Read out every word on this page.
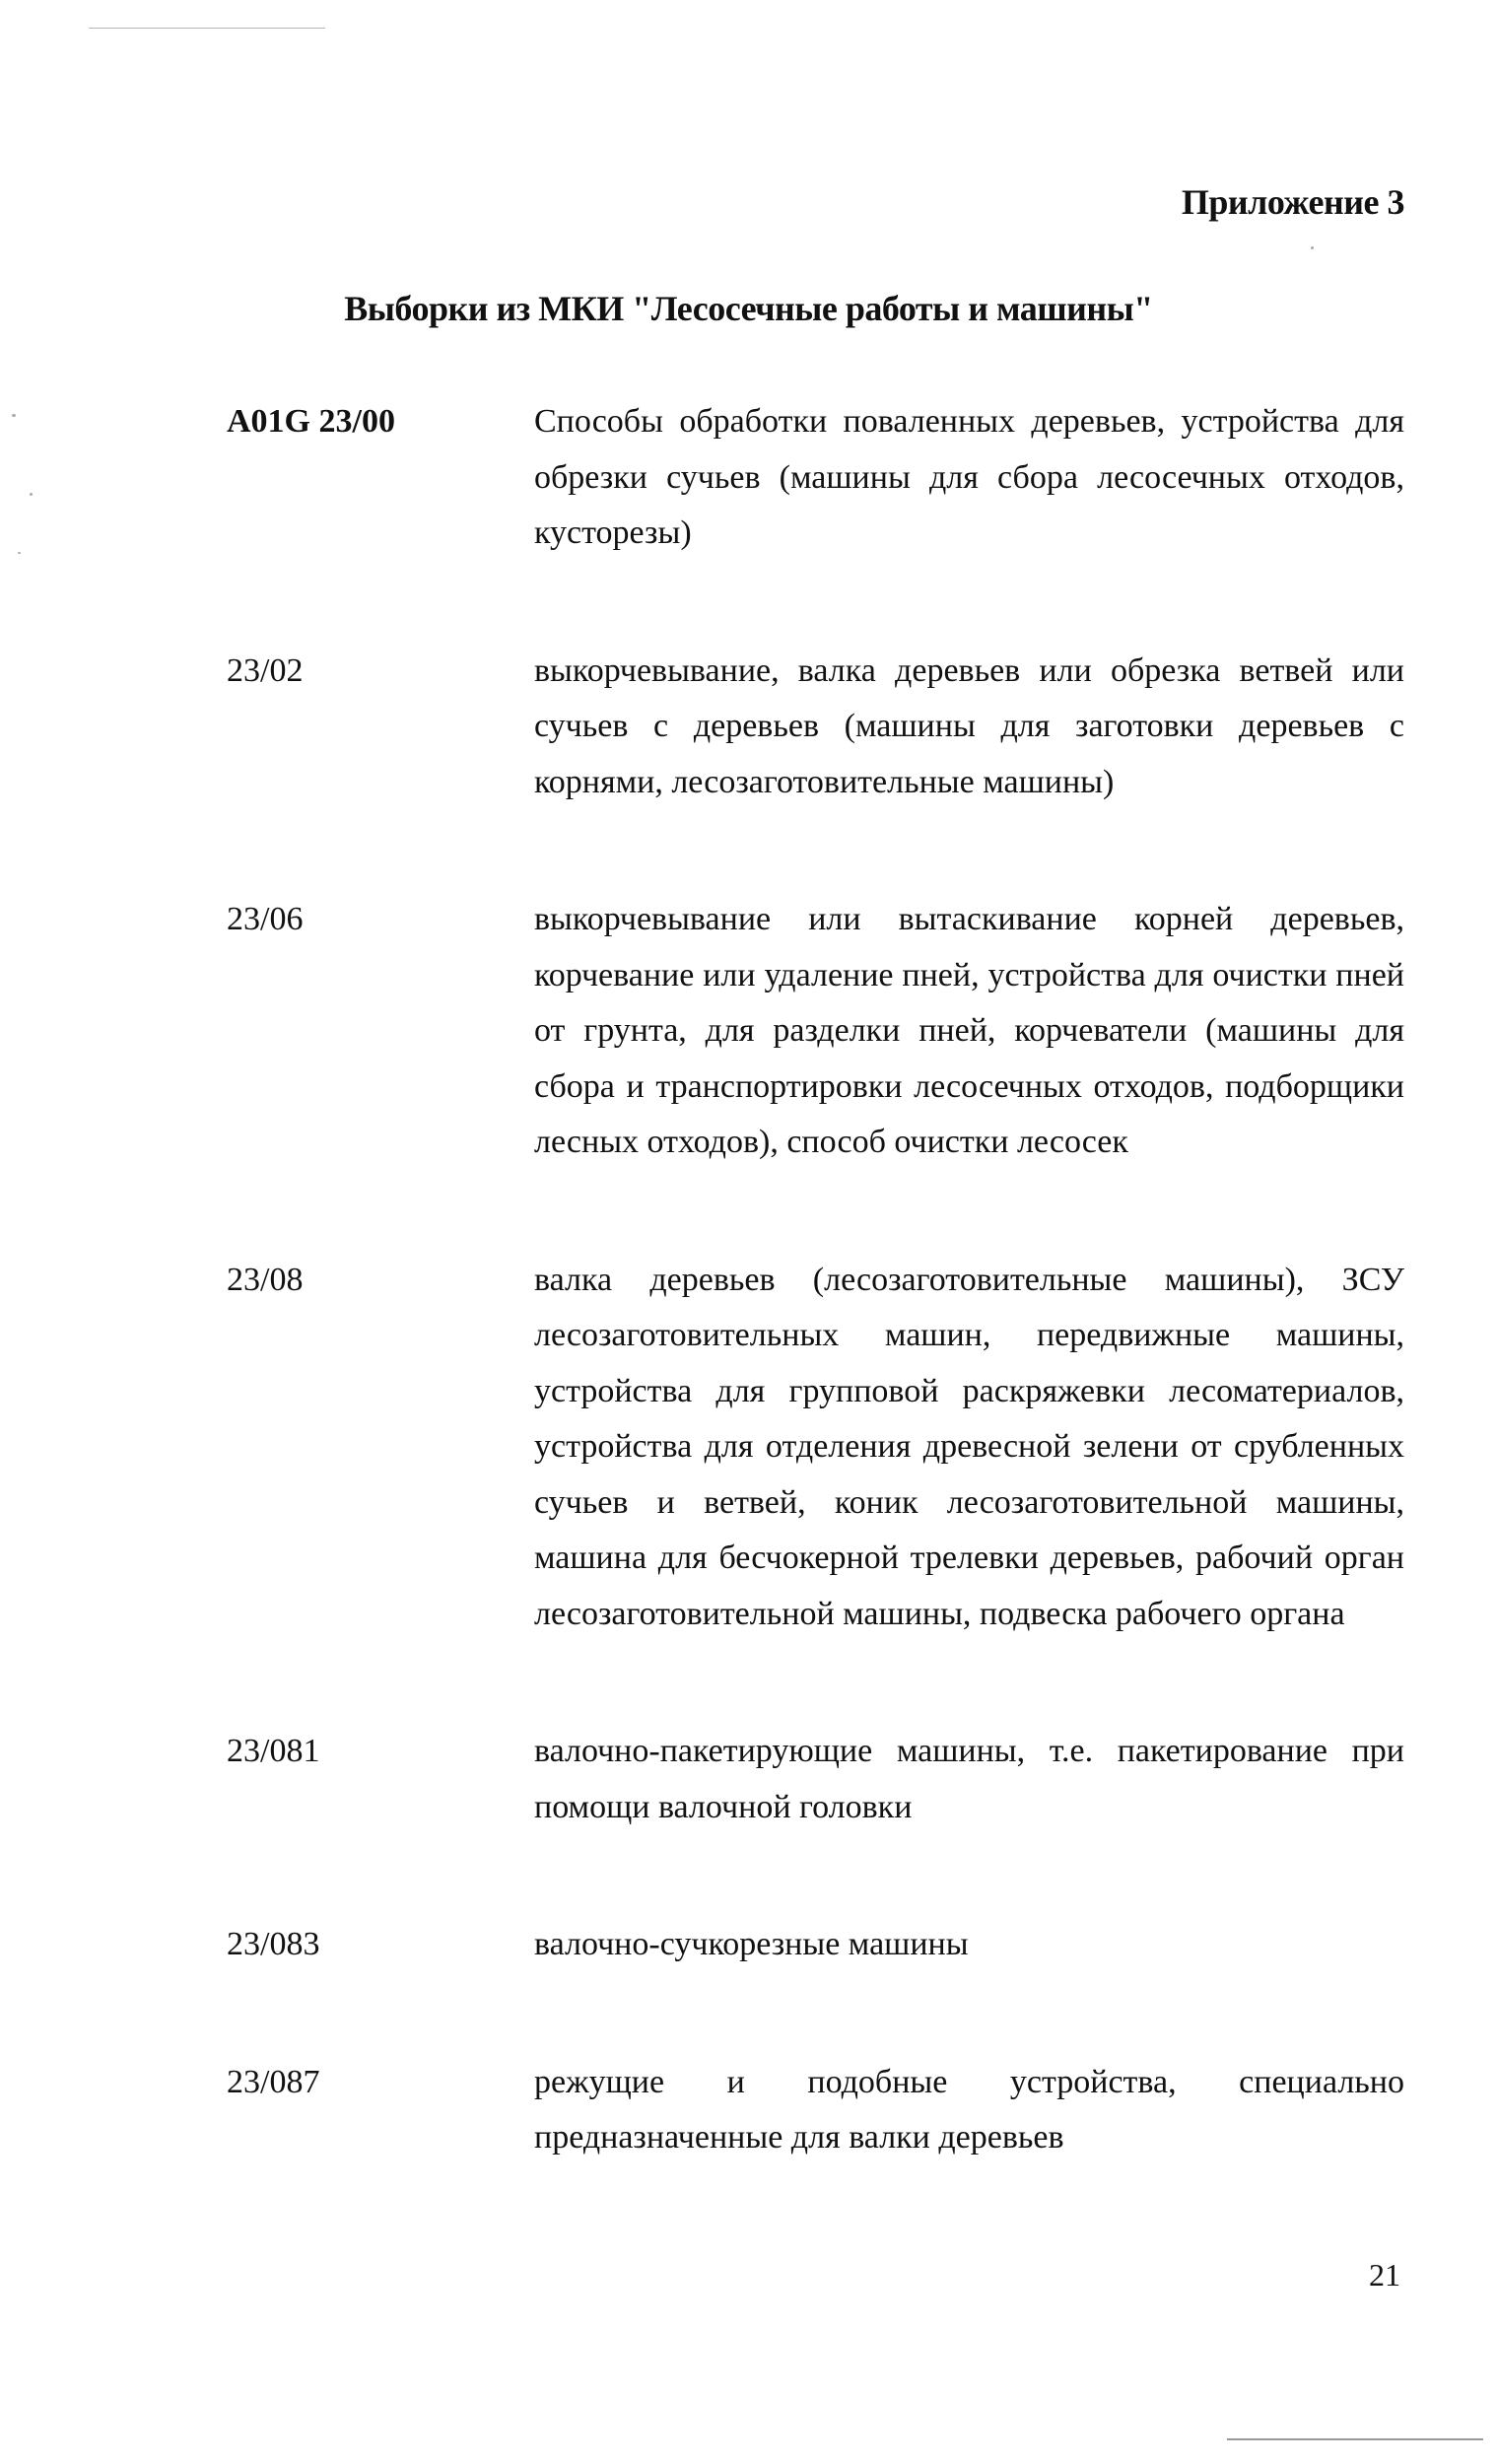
Приложение 3
Выборки из МКИ "Лесосечные работы и машины"
A01G 23/00	Способы обработки поваленных деревьев, устройства для обрезки сучьев (машины для сбора лесосечных отходов, кусторезы)
23/02	выкорчевывание, валка деревьев или обрезка ветвей или сучьев с деревьев (машины для заготовки деревьев с корнями, лесозаготовительные машины)
23/06	выкорчевывание или вытаскивание корней деревьев, корчевание или удаление пней, устройства для очистки пней от грунта, для разделки пней, корчеватели (машины для сбора и транспортировки лесосечных отходов, подборщики лесных отходов), способ очистки лесосек
23/08	валка деревьев (лесозаготовительные машины), ЗСУ лесозаготовительных машин, передвижные машины, устройства для групповой раскряжевки лесоматериалов, устройства для отделения древесной зелени от срубленных сучьев и ветвей, коник лесозаготовительной машины, машина для бесчокерной трелевки деревьев, рабочий орган лесозаготовительной машины, подвеска рабочего органа
23/081	валочно-пакетирующие машины, т.е. пакетирование при помощи валочной головки
23/083	валочно-сучкорезные машины
23/087	режущие и подобные устройства, специально предназначенные для валки деревьев
21
